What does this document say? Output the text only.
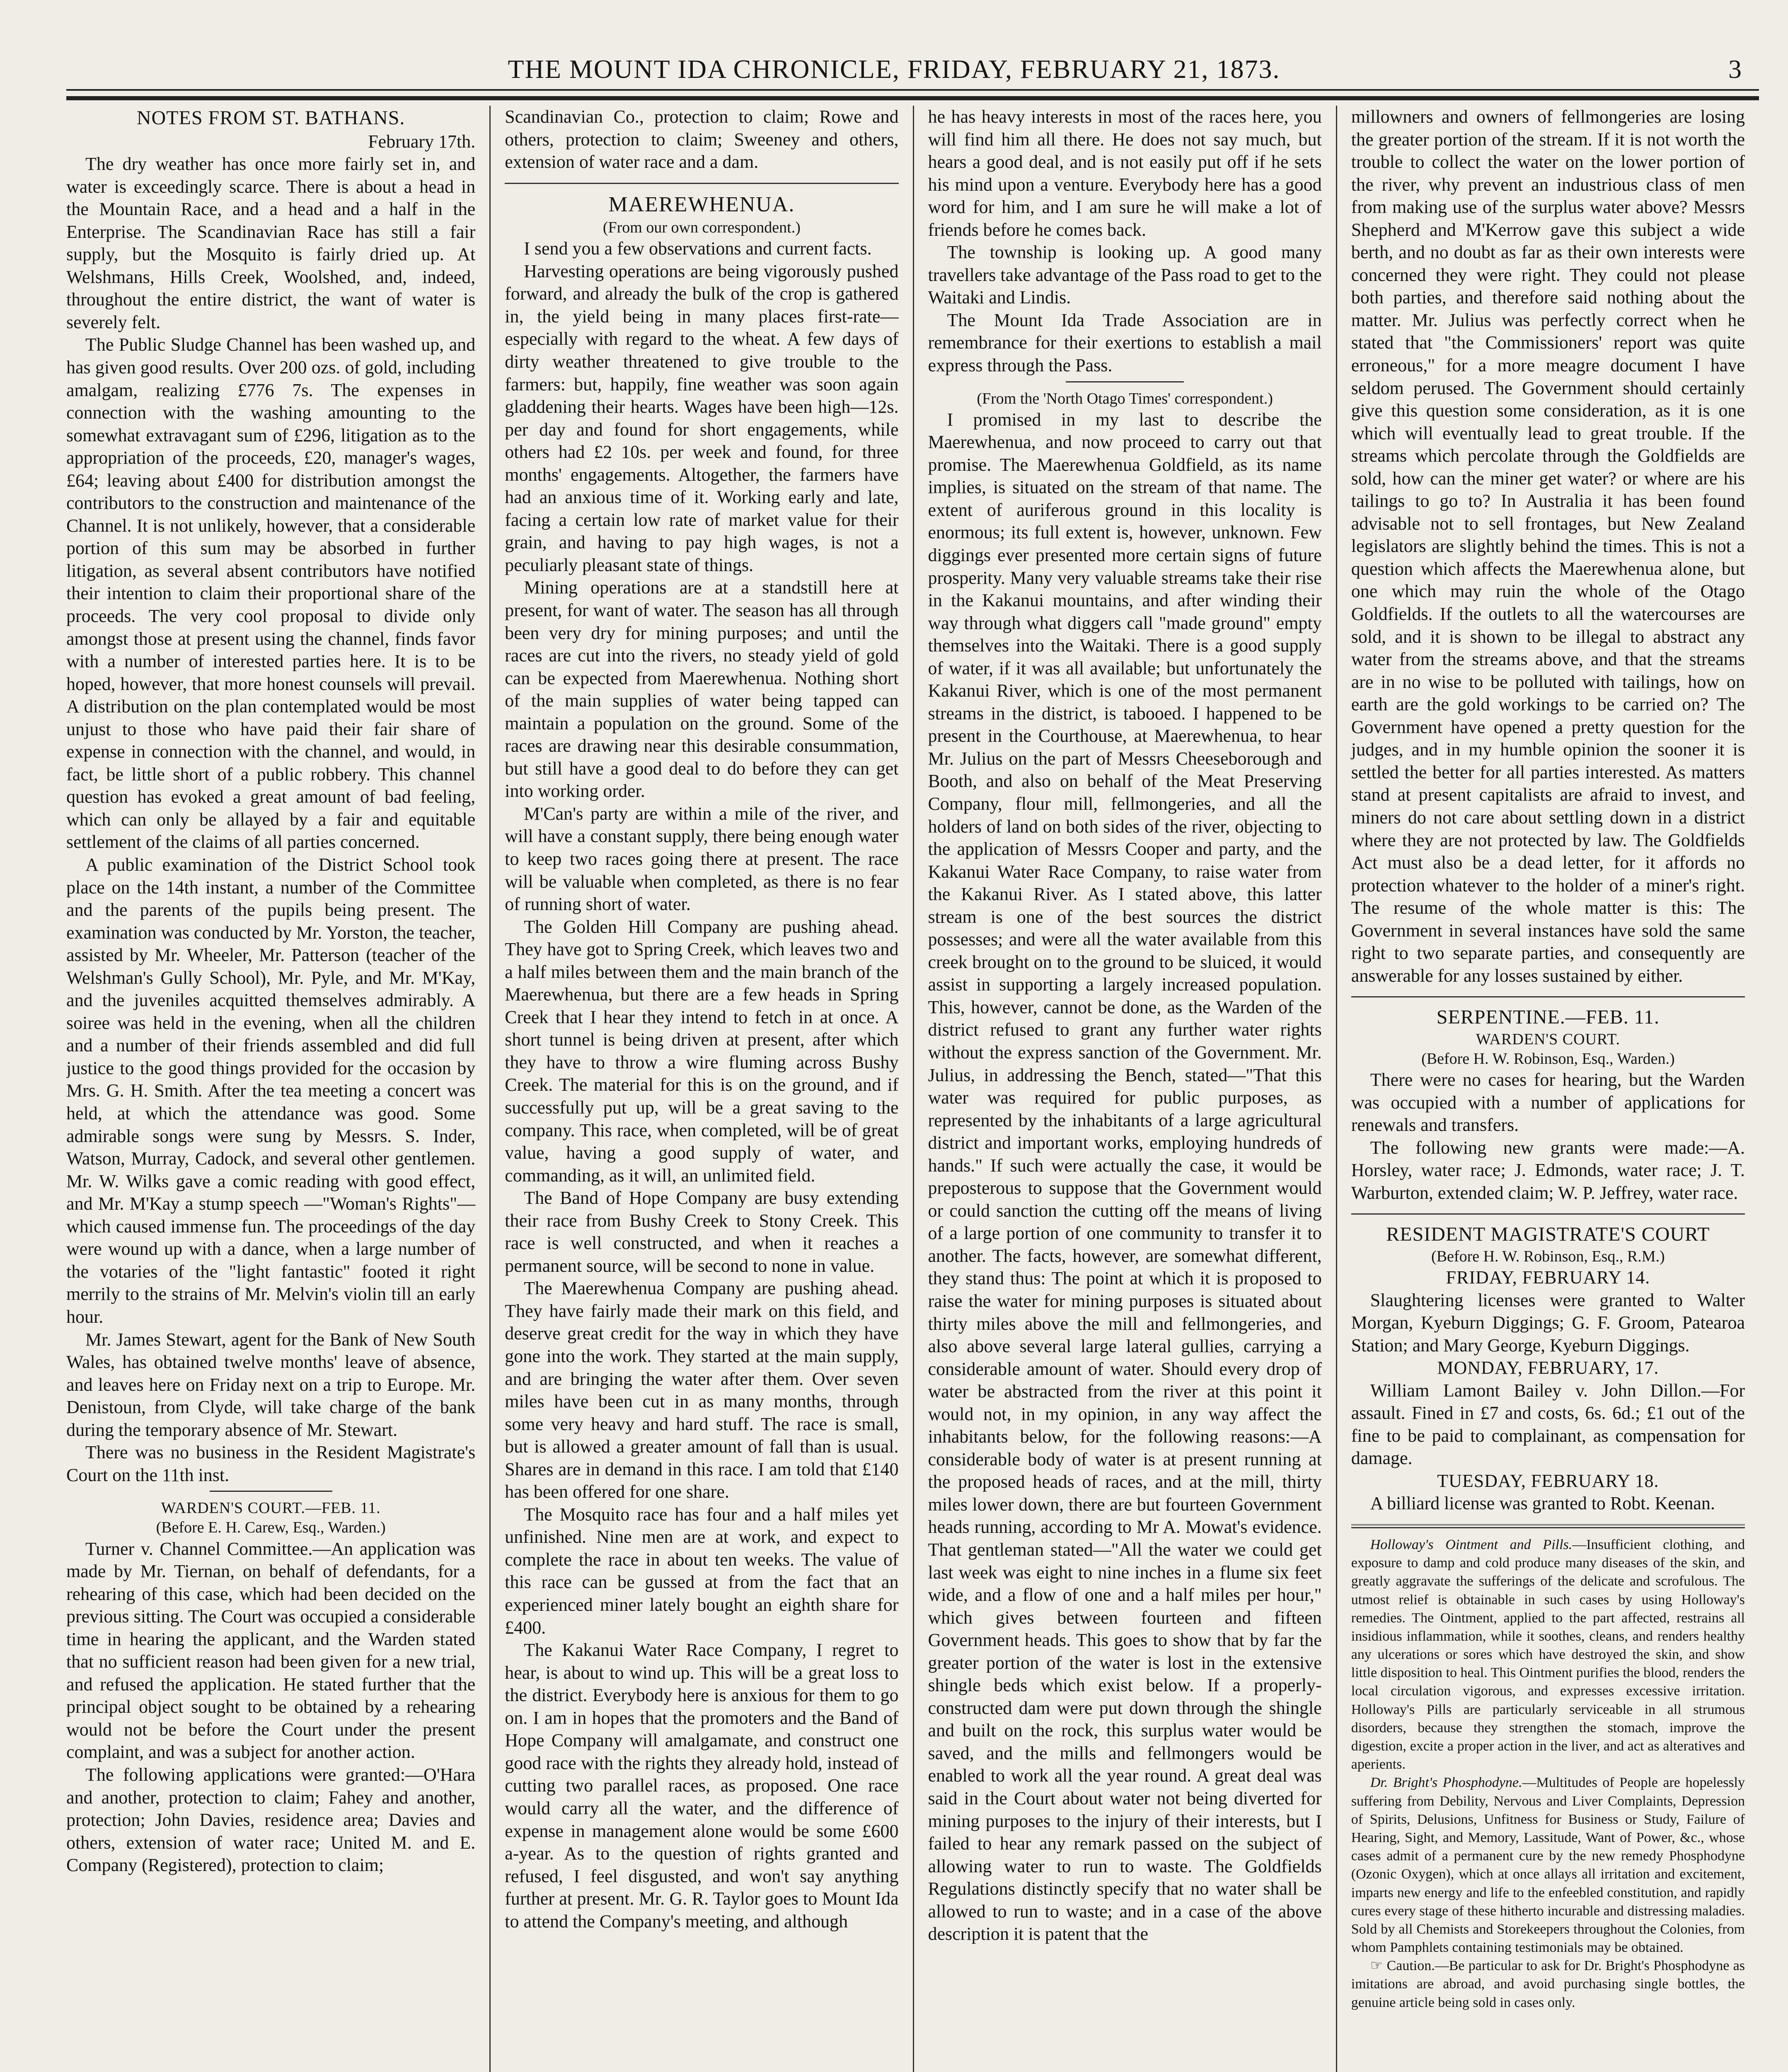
THE MOUNT IDA CHRONICLE, FRIDAY, FEBRUARY 21, 1873.	3

NOTES FROM ST. BATHANS.

February 17th.

The dry weather has once more fairly set in, and water is exceedingly scarce. There is about a head in the Mountain Race, and a head and a half in the Enterprise. The Scandinavian Race has still a fair supply, but the Mosquito is fairly dried up. At Welshmans, Hills Creek, Woolshed, and, indeed, throughout the entire district, the want of water is severely felt.

The Public Sludge Channel has been washed up, and has given good results. Over 200 ozs. of gold, including amalgam, realizing £776 7s. The expenses in connection with the washing amounting to the somewhat extravagant sum of £296, litigation as to the appropriation of the proceeds, £20, manager's wages, £64; leaving about £400 for distribution amongst the contributors to the construction and maintenance of the Channel. It is not unlikely, however, that a considerable portion of this sum may be absorbed in further litigation, as several absent contributors have notified their intention to claim their proportional share of the proceeds. The very cool proposal to divide only amongst those at present using the channel, finds favor with a number of interested parties here. It is to be hoped, however, that more honest counsels will prevail. A distribution on the plan contemplated would be most unjust to those who have paid their fair share of expense in connection with the channel, and would, in fact, be little short of a public robbery. This channel question has evoked a great amount of bad feeling, which can only be allayed by a fair and equitable settlement of the claims of all parties concerned.

A public examination of the District School took place on the 14th instant, a number of the Committee and the parents of the pupils being present. The examination was conducted by Mr. Yorston, the teacher, assisted by Mr. Wheeler, Mr. Patterson (teacher of the Welshman's Gully School), Mr. Pyle, and Mr. M'Kay, and the juveniles acquitted themselves admirably. A soiree was held in the evening, when all the children and a number of their friends assembled and did full justice to the good things provided for the occasion by Mrs. G. H. Smith. After the tea meeting a concert was held, at which the attendance was good. Some admirable songs were sung by Messrs. S. Inder, Watson, Murray, Cadock, and several other gentlemen. Mr. W. Wilks gave a comic reading with good effect, and Mr. M'Kay a stump speech —"Woman's Rights"—which caused immense fun. The proceedings of the day were wound up with a dance, when a large number of the votaries of the "light fantastic" footed it right merrily to the strains of Mr. Melvin's violin till an early hour.

Mr. James Stewart, agent for the Bank of New South Wales, has obtained twelve months' leave of absence, and leaves here on Friday next on a trip to Europe. Mr. Denistoun, from Clyde, will take charge of the bank during the temporary absence of Mr. Stewart.

There was no business in the Resident Magistrate's Court on the 11th inst.

WARDEN'S COURT.—FEB. 11.

(Before E. H. Carew, Esq., Warden.)

Turner v. Channel Committee.—An application was made by Mr. Tiernan, on behalf of defendants, for a rehearing of this case, which had been decided on the previous sitting. The Court was occupied a considerable time in hearing the applicant, and the Warden stated that no sufficient reason had been given for a new trial, and refused the application. He stated further that the principal object sought to be obtained by a rehearing would not be before the Court under the present complaint, and was a subject for another action.

The following applications were granted:—O'Hara and another, protection to claim; Fahey and another, protection; John Davies, residence area; Davies and others, extension of water race; United M. and E. Company (Registered), protection to claim;

Scandinavian Co., protection to claim; Rowe and others, protection to claim; Sweeney and others, extension of water race and a dam.

MAEREWHENUA.

(From our own correspondent.)

I send you a few observations and current facts.

Harvesting operations are being vigorously pushed forward, and already the bulk of the crop is gathered in, the yield being in many places first-rate—especially with regard to the wheat. A few days of dirty weather threatened to give trouble to the farmers: but, happily, fine weather was soon again gladdening their hearts. Wages have been high—12s. per day and found for short engagements, while others had £2 10s. per week and found, for three months' engagements. Altogether, the farmers have had an anxious time of it. Working early and late, facing a certain low rate of market value for their grain, and having to pay high wages, is not a peculiarly pleasant state of things.

Mining operations are at a standstill here at present, for want of water. The season has all through been very dry for mining purposes; and until the races are cut into the rivers, no steady yield of gold can be expected from Maerewhenua. Nothing short of the main supplies of water being tapped can maintain a population on the ground. Some of the races are drawing near this desirable consummation, but still have a good deal to do before they can get into working order.

M'Can's party are within a mile of the river, and will have a constant supply, there being enough water to keep two races going there at present. The race will be valuable when completed, as there is no fear of running short of water.

The Golden Hill Company are pushing ahead. They have got to Spring Creek, which leaves two and a half miles between them and the main branch of the Maerewhenua, but there are a few heads in Spring Creek that I hear they intend to fetch in at once. A short tunnel is being driven at present, after which they have to throw a wire fluming across Bushy Creek. The material for this is on the ground, and if successfully put up, will be a great saving to the company. This race, when completed, will be of great value, having a good supply of water, and commanding, as it will, an unlimited field.

The Band of Hope Company are busy extending their race from Bushy Creek to Stony Creek. This race is well constructed, and when it reaches a permanent source, will be second to none in value.

The Maerewhenua Company are pushing ahead. They have fairly made their mark on this field, and deserve great credit for the way in which they have gone into the work. They started at the main supply, and are bringing the water after them. Over seven miles have been cut in as many months, through some very heavy and hard stuff. The race is small, but is allowed a greater amount of fall than is usual. Shares are in demand in this race. I am told that £140 has been offered for one share.

The Mosquito race has four and a half miles yet unfinished. Nine men are at work, and expect to complete the race in about ten weeks. The value of this race can be gussed at from the fact that an experienced miner lately bought an eighth share for £400.

The Kakanui Water Race Company, I regret to hear, is about to wind up. This will be a great loss to the district. Everybody here is anxious for them to go on. I am in hopes that the promoters and the Band of Hope Company will amalgamate, and construct one good race with the rights they already hold, instead of cutting two parallel races, as proposed. One race would carry all the water, and the difference of expense in management alone would be some £600 a-year. As to the question of rights granted and refused, I feel disgusted, and won't say anything further at present. Mr. G. R. Taylor goes to Mount Ida to attend the Company's meeting, and although

he has heavy interests in most of the races here, you will find him all there. He does not say much, but hears a good deal, and is not easily put off if he sets his mind upon a venture. Everybody here has a good word for him, and I am sure he will make a lot of friends before he comes back.

The township is looking up. A good many travellers take advantage of the Pass road to get to the Waitaki and Lindis.

The Mount Ida Trade Association are in remembrance for their exertions to establish a mail express through the Pass.

(From the 'North Otago Times' correspondent.)

I promised in my last to describe the Maerewhenua, and now proceed to carry out that promise. The Maerewhenua Goldfield, as its name implies, is situated on the stream of that name. The extent of auriferous ground in this locality is enormous; its full extent is, however, unknown. Few diggings ever presented more certain signs of future prosperity. Many very valuable streams take their rise in the Kakanui mountains, and after winding their way through what diggers call "made ground" empty themselves into the Waitaki. There is a good supply of water, if it was all available; but unfortunately the Kakanui River, which is one of the most permanent streams in the district, is tabooed. I happened to be present in the Courthouse, at Maerewhenua, to hear Mr. Julius on the part of Messrs Cheeseborough and Booth, and also on behalf of the Meat Preserving Company, flour mill, fellmongeries, and all the holders of land on both sides of the river, objecting to the application of Messrs Cooper and party, and the Kakanui Water Race Company, to raise water from the Kakanui River. As I stated above, this latter stream is one of the best sources the district possesses; and were all the water available from this creek brought on to the ground to be sluiced, it would assist in supporting a largely increased population. This, however, cannot be done, as the Warden of the district refused to grant any further water rights without the express sanction of the Government. Mr. Julius, in addressing the Bench, stated—"That this water was required for public purposes, as represented by the inhabitants of a large agricultural district and important works, employing hundreds of hands." If such were actually the case, it would be preposterous to suppose that the Government would or could sanction the cutting off the means of living of a large portion of one community to transfer it to another. The facts, however, are somewhat different, they stand thus: The point at which it is proposed to raise the water for mining purposes is situated about thirty miles above the mill and fellmongeries, and also above several large lateral gullies, carrying a considerable amount of water. Should every drop of water be abstracted from the river at this point it would not, in my opinion, in any way affect the inhabitants below, for the following reasons:—A considerable body of water is at present running at the proposed heads of races, and at the mill, thirty miles lower down, there are but fourteen Government heads running, according to Mr A. Mowat's evidence. That gentleman stated—"All the water we could get last week was eight to nine inches in a flume six feet wide, and a flow of one and a half miles per hour," which gives between fourteen and fifteen Government heads. This goes to show that by far the greater portion of the water is lost in the extensive shingle beds which exist below. If a properly-constructed dam were put down through the shingle and built on the rock, this surplus water would be saved, and the mills and fellmongers would be enabled to work all the year round. A great deal was said in the Court about water not being diverted for mining purposes to the injury of their interests, but I failed to hear any remark passed on the subject of allowing water to run to waste. The Goldfields Regulations distinctly specify that no water shall be allowed to run to waste; and in a case of the above description it is patent that the

millowners and owners of fellmongeries are losing the greater portion of the stream. If it is not worth the trouble to collect the water on the lower portion of the river, why prevent an industrious class of men from making use of the surplus water above? Messrs Shepherd and M'Kerrow gave this subject a wide berth, and no doubt as far as their own interests were concerned they were right. They could not please both parties, and therefore said nothing about the matter. Mr. Julius was perfectly correct when he stated that "the Commissioners' report was quite erroneous," for a more meagre document I have seldom perused. The Government should certainly give this question some consideration, as it is one which will eventually lead to great trouble. If the streams which percolate through the Goldfields are sold, how can the miner get water? or where are his tailings to go to? In Australia it has been found advisable not to sell frontages, but New Zealand legislators are slightly behind the times. This is not a question which affects the Maerewhenua alone, but one which may ruin the whole of the Otago Goldfields. If the outlets to all the watercourses are sold, and it is shown to be illegal to abstract any water from the streams above, and that the streams are in no wise to be polluted with tailings, how on earth are the gold workings to be carried on? The Government have opened a pretty question for the judges, and in my humble opinion the sooner it is settled the better for all parties interested. As matters stand at present capitalists are afraid to invest, and miners do not care about settling down in a district where they are not protected by law. The Goldfields Act must also be a dead letter, for it affords no protection whatever to the holder of a miner's right. The resume of the whole matter is this: The Government in several instances have sold the same right to two separate parties, and consequently are answerable for any losses sustained by either.

SERPENTINE.—FEB. 11.

WARDEN'S COURT.

(Before H. W. Robinson, Esq., Warden.)

There were no cases for hearing, but the Warden was occupied with a number of applications for renewals and transfers.

The following new grants were made:—A. Horsley, water race; J. Edmonds, water race; J. T. Warburton, extended claim; W. P. Jeffrey, water race.

RESIDENT MAGISTRATE'S COURT

(Before H. W. Robinson, Esq., R.M.)

FRIDAY, FEBRUARY 14.

Slaughtering licenses were granted to Walter Morgan, Kyeburn Diggings; G. F. Groom, Patearoa Station; and Mary George, Kyeburn Diggings.

MONDAY, FEBRUARY, 17.

William Lamont Bailey v. John Dillon.—For assault. Fined in £7 and costs, 6s. 6d.; £1 out of the fine to be paid to complainant, as compensation for damage.

TUESDAY, FEBRUARY 18.

A billiard license was granted to Robt. Keenan.

Holloway's Ointment and Pills.—Insufficient clothing, and exposure to damp and cold produce many diseases of the skin, and greatly aggravate the sufferings of the delicate and scrofulous. The utmost relief is obtainable in such cases by using Holloway's remedies. The Ointment, applied to the part affected, restrains all insidious inflammation, while it soothes, cleans, and renders healthy any ulcerations or sores which have destroyed the skin, and show little disposition to heal. This Ointment purifies the blood, renders the local circulation vigorous, and expresses excessive irritation. Holloway's Pills are particularly serviceable in all strumous disorders, because they strengthen the stomach, improve the digestion, excite a proper action in the liver, and act as alteratives and aperients.

Dr. Bright's Phosphodyne.—Multitudes of People are hopelessly suffering from Debility, Nervous and Liver Complaints, Depression of Spirits, Delusions, Unfitness for Business or Study, Failure of Hearing, Sight, and Memory, Lassitude, Want of Power, &c., whose cases admit of a permanent cure by the new remedy Phosphodyne (Ozonic Oxygen), which at once allays all irritation and excitement, imparts new energy and life to the enfeebled constitution, and rapidly cures every stage of these hitherto incurable and distressing maladies. Sold by all Chemists and Storekeepers throughout the Colonies, from whom Pamphlets containing testimonials may be obtained.

☞ Caution.—Be particular to ask for Dr. Bright's Phosphodyne as imitations are abroad, and avoid purchasing single bottles, the genuine article being sold in cases only.
